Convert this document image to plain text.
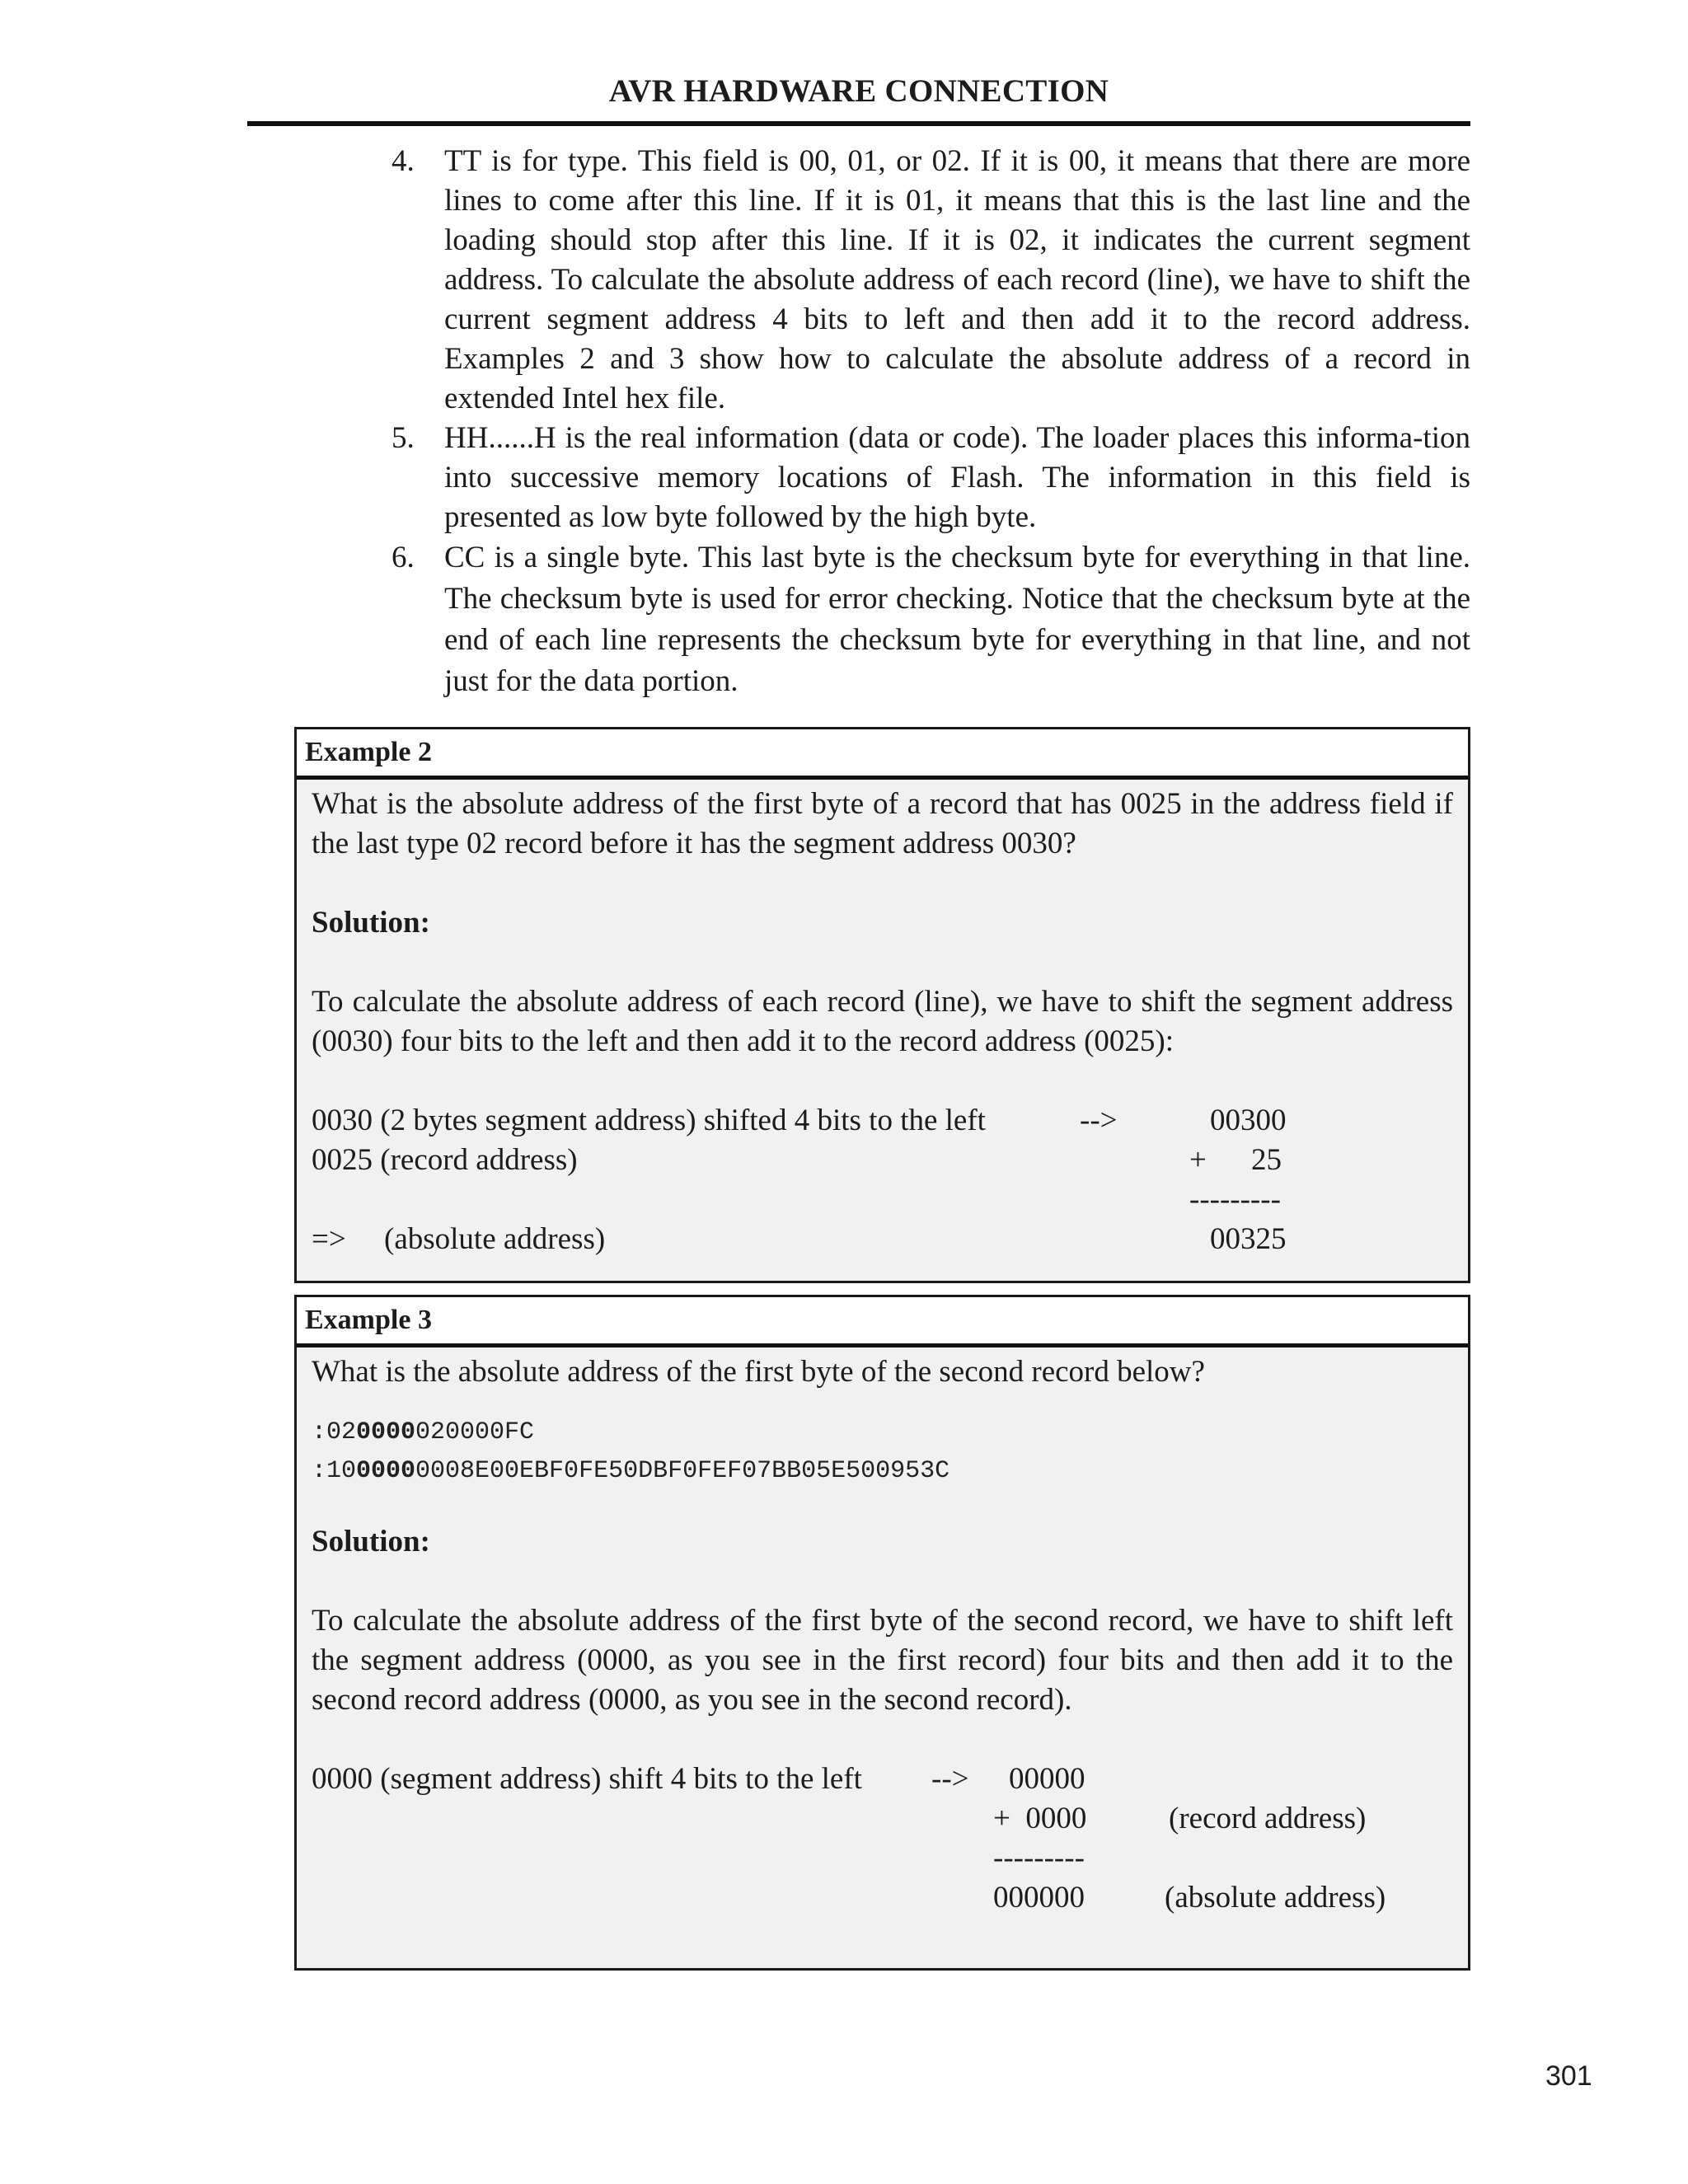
AVR HARDWARE CONNECTION
4. TT is for type. This field is 00, 01, or 02. If it is 00, it means that there are more lines to come after this line. If it is 01, it means that this is the last line and the loading should stop after this line. If it is 02, it indicates the current segment address. To calculate the absolute address of each record (line), we have to shift the current segment address 4 bits to left and then add it to the record address. Examples 2 and 3 show how to calculate the absolute address of a record in extended Intel hex file.
5. HH......H is the real information (data or code). The loader places this informa-tion into successive memory locations of Flash. The information in this field is presented as low byte followed by the high byte.
6. CC is a single byte. This last byte is the checksum byte for everything in that line. The checksum byte is used for error checking. Notice that the checksum byte at the end of each line represents the checksum byte for everything in that line, and not just for the data portion.
Example 2

What is the absolute address of the first byte of a record that has 0025 in the address field if the last type 02 record before it has the segment address 0030?

Solution:

To calculate the absolute address of each record (line), we have to shift the segment address (0030) four bits to the left and then add it to the record address (0025):

0030 (2 bytes segment address) shifted 4 bits to the left	-->	00300
0025 (record address)	+ 25
---------
=> (absolute address)	00325
Example 3

What is the absolute address of the first byte of the second record below?

:020000020000FC
:1000000008E00EBF0FE50DBF0FEF07BB05E500953C

Solution:

To calculate the absolute address of the first byte of the second record, we have to shift left the segment address (0000, as you see in the first record) four bits and then add it to the second record address (0000, as you see in the second record).

0000 (segment address) shift 4 bits to the left --> 00000
+  0000	(record address)
---------
000000	(absolute address)
301
